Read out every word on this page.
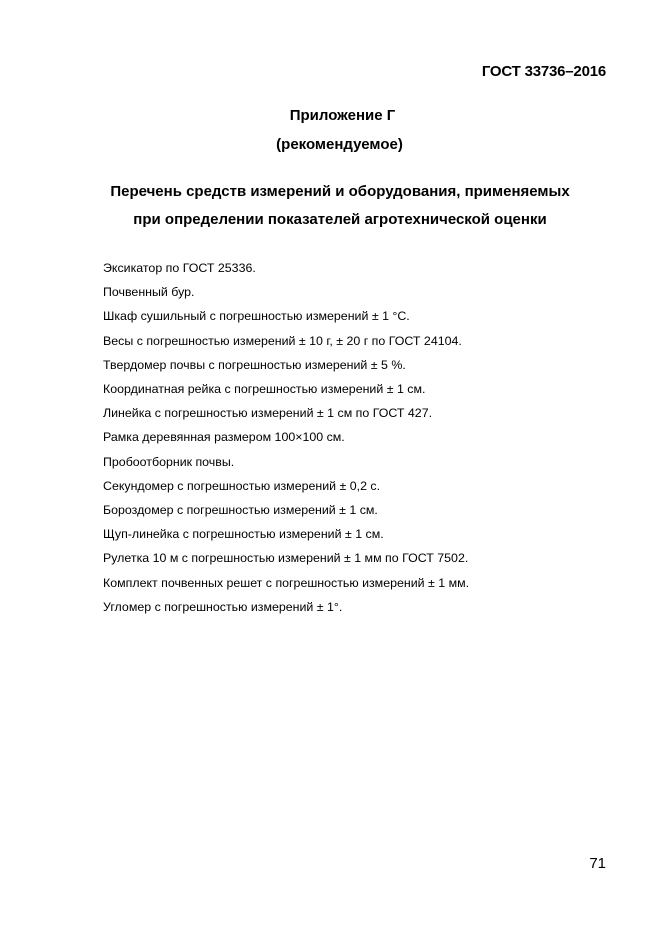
ГОСТ 33736–2016
Приложение Г
(рекомендуемое)
Перечень средств измерений и оборудования, применяемых
при определении показателей агротехнической оценки
Эксикатор по ГОСТ 25336.
Почвенный бур.
Шкаф сушильный с погрешностью измерений ± 1 °С.
Весы с погрешностью измерений ± 10 г, ± 20 г по ГОСТ 24104.
Твердомер почвы с погрешностью измерений ± 5 %.
Координатная рейка с погрешностью измерений ± 1 см.
Линейка с погрешностью измерений ± 1 см по ГОСТ 427.
Рамка деревянная размером 100×100 см.
Пробоотборник почвы.
Секундомер с погрешностью измерений ± 0,2 с.
Бороздомер с погрешностью измерений ± 1 см.
Щуп-линейка с погрешностью измерений ± 1 см.
Рулетка 10 м с погрешностью измерений ± 1 мм по ГОСТ 7502.
Комплект почвенных решет с погрешностью измерений ± 1 мм.
Угломер с погрешностью измерений ± 1°.
71
